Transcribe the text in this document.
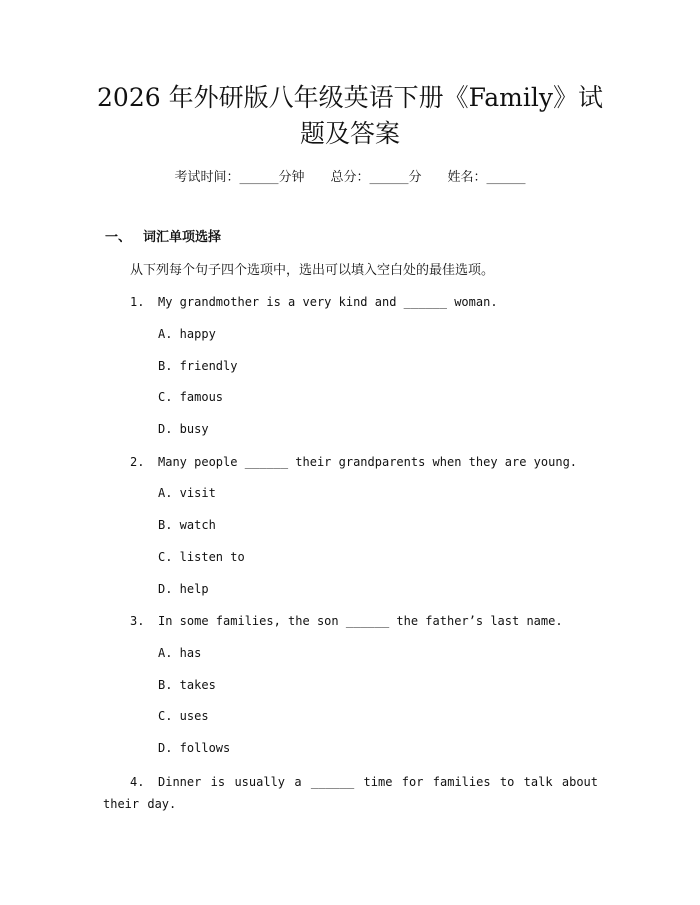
2026 年外研版八年级英语下册《Family》试题及答案
考试时间：______分钟 总分：______分 姓名：______
一、 词汇单项选择
从下列每个句子四个选项中，选出可以填入空白处的最佳选项。
1. My grandmother is a very kind and ______ woman.
A. happy
B. friendly
C. famous
D. busy
2. Many people ______ their grandparents when they are young.
A. visit
B. watch
C. listen to
D. help
3. In some families, the son ______ the father’s last name.
A. has
B. takes
C. uses
D. follows
4. Dinner is usually a ______ time for families to talk about their day.
